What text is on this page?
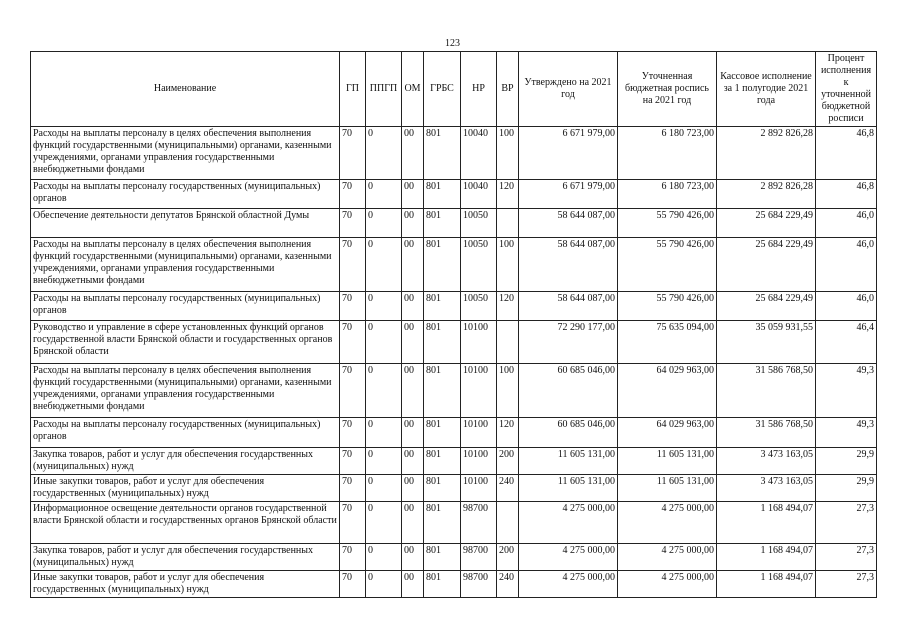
123
Наименование	ГП	ППГП	ОМ	ГРБС	НР	ВР	Утверждено на 2021 год	Уточненная бюджетная роспись на 2021 год	Кассовое исполнение за 1 полугодие 2021 года	Процент исполнения к уточненной бюджетной росписи
Расходы на выплаты персоналу в целях обеспечения выполнения функций государственными (муниципальными) органами, казенными учреждениями, органами управления государственными внебюджетными фондами	70	0	00	801	10040	100	6 671 979,00	6 180 723,00	2 892 826,28	46,8
Расходы на выплаты персоналу государственных (муниципальных) органов	70	0	00	801	10040	120	6 671 979,00	6 180 723,00	2 892 826,28	46,8
Обеспечение деятельности депутатов Брянской областной Думы	70	0	00	801	10050		58 644 087,00	55 790 426,00	25 684 229,49	46,0
Расходы на выплаты персоналу в целях обеспечения выполнения функций государственными (муниципальными) органами, казенными учреждениями, органами управления государственными внебюджетными фондами	70	0	00	801	10050	100	58 644 087,00	55 790 426,00	25 684 229,49	46,0
Расходы на выплаты персоналу государственных (муниципальных) органов	70	0	00	801	10050	120	58 644 087,00	55 790 426,00	25 684 229,49	46,0
Руководство и управление в сфере установленных функций органов государственной власти Брянской области и государственных органов Брянской области	70	0	00	801	10100		72 290 177,00	75 635 094,00	35 059 931,55	46,4
Расходы на выплаты персоналу в целях обеспечения выполнения функций государственными (муниципальными) органами, казенными учреждениями, органами управления государственными внебюджетными фондами	70	0	00	801	10100	100	60 685 046,00	64 029 963,00	31 586 768,50	49,3
Расходы на выплаты персоналу государственных (муниципальных) органов	70	0	00	801	10100	120	60 685 046,00	64 029 963,00	31 586 768,50	49,3
Закупка товаров, работ и услуг для обеспечения государственных (муниципальных) нужд	70	0	00	801	10100	200	11 605 131,00	11 605 131,00	3 473 163,05	29,9
Иные закупки товаров, работ и услуг для обеспечения государственных (муниципальных) нужд	70	0	00	801	10100	240	11 605 131,00	11 605 131,00	3 473 163,05	29,9
Информационное освещение деятельности органов государственной власти Брянской области и государственных органов Брянской области	70	0	00	801	98700		4 275 000,00	4 275 000,00	1 168 494,07	27,3
Закупка товаров, работ и услуг для обеспечения государственных (муниципальных) нужд	70	0	00	801	98700	200	4 275 000,00	4 275 000,00	1 168 494,07	27,3
Иные закупки товаров, работ и услуг для обеспечения государственных (муниципальных) нужд	70	0	00	801	98700	240	4 275 000,00	4 275 000,00	1 168 494,07	27,3
